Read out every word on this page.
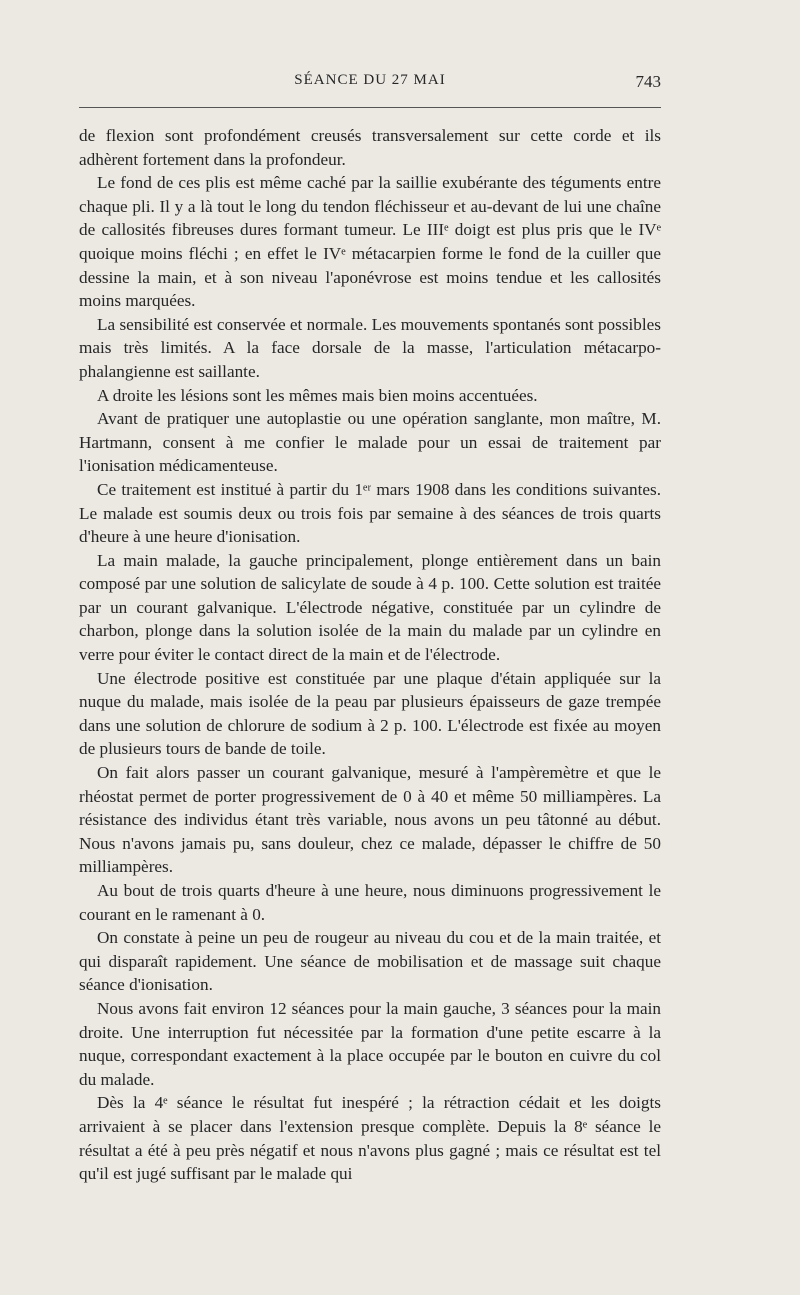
SÉANCE DU 27 MAI	743

de flexion sont profondément creusés transversalement sur cette corde et ils adhèrent fortement dans la profondeur.

Le fond de ces plis est même caché par la saillie exubérante des téguments entre chaque pli. Il y a là tout le long du tendon fléchisseur et au-devant de lui une chaîne de callosités fibreuses dures formant tumeur. Le IIIᵉ doigt est plus pris que le IVᵉ quoique moins fléchi ; en effet le IVᵉ métacarpien forme le fond de la cuiller que dessine la main, et à son niveau l'aponévrose est moins tendue et les callosités moins marquées.

La sensibilité est conservée et normale. Les mouvements spontanés sont possibles mais très limités. A la face dorsale de la masse, l'articulation métacarpo-phalangienne est saillante.

A droite les lésions sont les mêmes mais bien moins accentuées.

Avant de pratiquer une autoplastie ou une opération sanglante, mon maître, M. Hartmann, consent à me confier le malade pour un essai de traitement par l'ionisation médicamenteuse.

Ce traitement est institué à partir du 1ᵉʳ mars 1908 dans les conditions suivantes. Le malade est soumis deux ou trois fois par semaine à des séances de trois quarts d'heure à une heure d'ionisation.

La main malade, la gauche principalement, plonge entièrement dans un bain composé par une solution de salicylate de soude à 4 p. 100. Cette solution est traitée par un courant galvanique. L'électrode négative, constituée par un cylindre de charbon, plonge dans la solution isolée de la main du malade par un cylindre en verre pour éviter le contact direct de la main et de l'électrode.

Une électrode positive est constituée par une plaque d'étain appliquée sur la nuque du malade, mais isolée de la peau par plusieurs épaisseurs de gaze trempée dans une solution de chlorure de sodium à 2 p. 100. L'électrode est fixée au moyen de plusieurs tours de bande de toile.

On fait alors passer un courant galvanique, mesuré à l'ampèremètre et que le rhéostat permet de porter progressivement de 0 à 40 et même 50 milliampères. La résistance des individus étant très variable, nous avons un peu tâtonné au début. Nous n'avons jamais pu, sans douleur, chez ce malade, dépasser le chiffre de 50 milliampères.

Au bout de trois quarts d'heure à une heure, nous diminuons progressivement le courant en le ramenant à 0.

On constate à peine un peu de rougeur au niveau du cou et de la main traitée, et qui disparaît rapidement. Une séance de mobilisation et de massage suit chaque séance d'ionisation.

Nous avons fait environ 12 séances pour la main gauche, 3 séances pour la main droite. Une interruption fut nécessitée par la formation d'une petite escarre à la nuque, correspondant exactement à la place occupée par le bouton en cuivre du col du malade.

Dès la 4ᵉ séance le résultat fut inespéré ; la rétraction cédait et les doigts arrivaient à se placer dans l'extension presque complète. Depuis la 8ᵉ séance le résultat a été à peu près négatif et nous n'avons plus gagné ; mais ce résultat est tel qu'il est jugé suffisant par le malade qui
